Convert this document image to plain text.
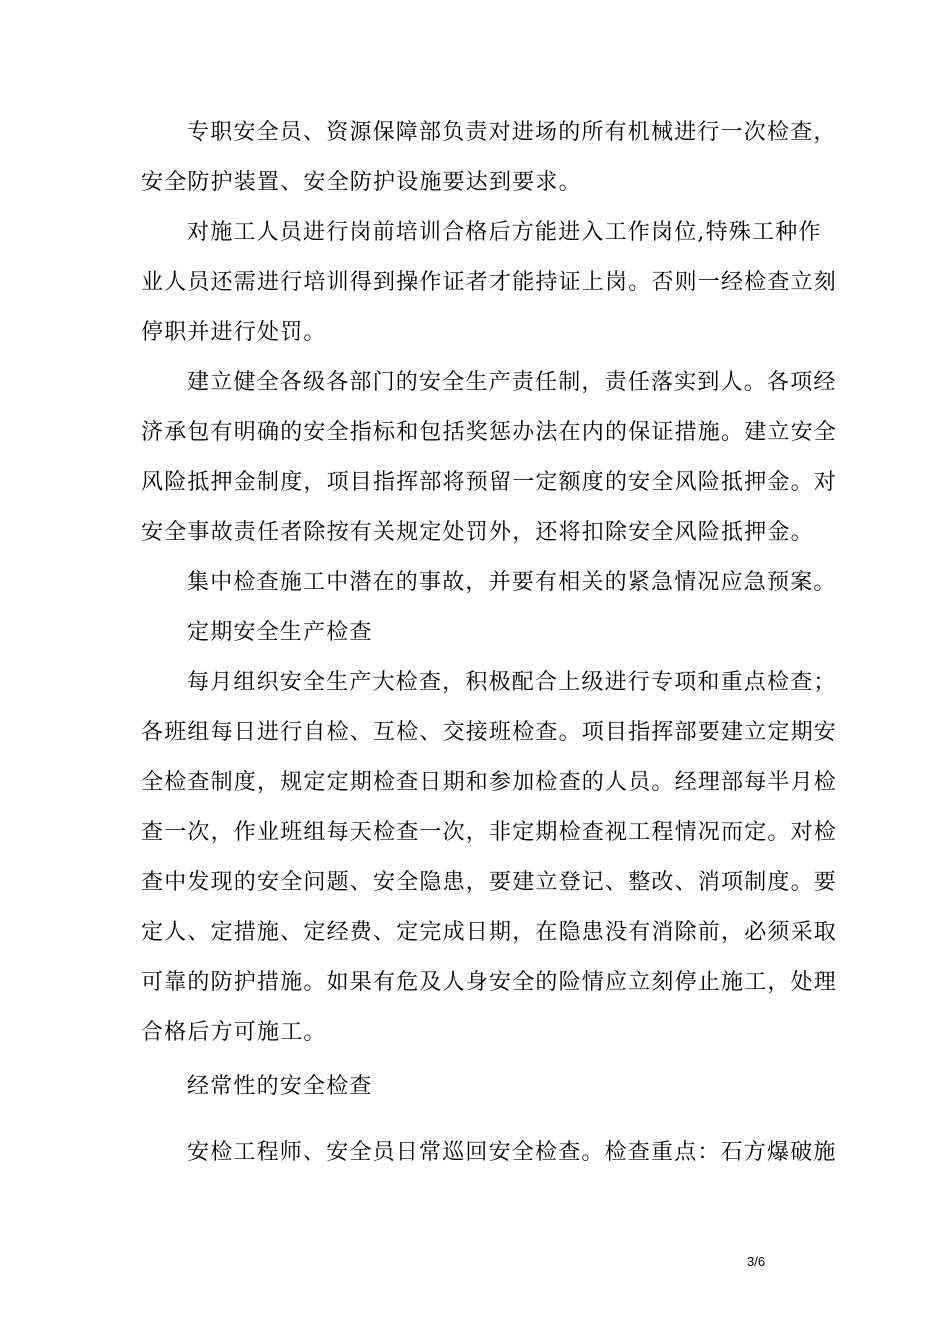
专职安全员、资源保障部负责对进场的所有机械进行一次检查，
安全防护装置、安全防护设施要达到要求。
对施工人员进行岗前培训合格后方能进入工作岗位,特殊工种作
业人员还需进行培训得到操作证者才能持证上岗。否则一经检查立刻
停职并进行处罚。
建立健全各级各部门的安全生产责任制，责任落实到人。各项经
济承包有明确的安全指标和包括奖惩办法在内的保证措施。建立安全
风险抵押金制度，项目指挥部将预留一定额度的安全风险抵押金。对
安全事故责任者除按有关规定处罚外，还将扣除安全风险抵押金。
集中检查施工中潜在的事故，并要有相关的紧急情况应急预案。
定期安全生产检查
每月组织安全生产大检查，积极配合上级进行专项和重点检查；
各班组每日进行自检、互检、交接班检查。项目指挥部要建立定期安
全检查制度，规定定期检查日期和参加检查的人员。经理部每半月检
查一次，作业班组每天检查一次，非定期检查视工程情况而定。对检
查中发现的安全问题、安全隐患，要建立登记、整改、消项制度。要
定人、定措施、定经费、定完成日期，在隐患没有消除前，必须采取
可靠的防护措施。如果有危及人身安全的险情应立刻停止施工，处理
合格后方可施工。
经常性的安全检查
安检工程师、安全员日常巡回安全检查。检查重点：石方爆破施
3/6
